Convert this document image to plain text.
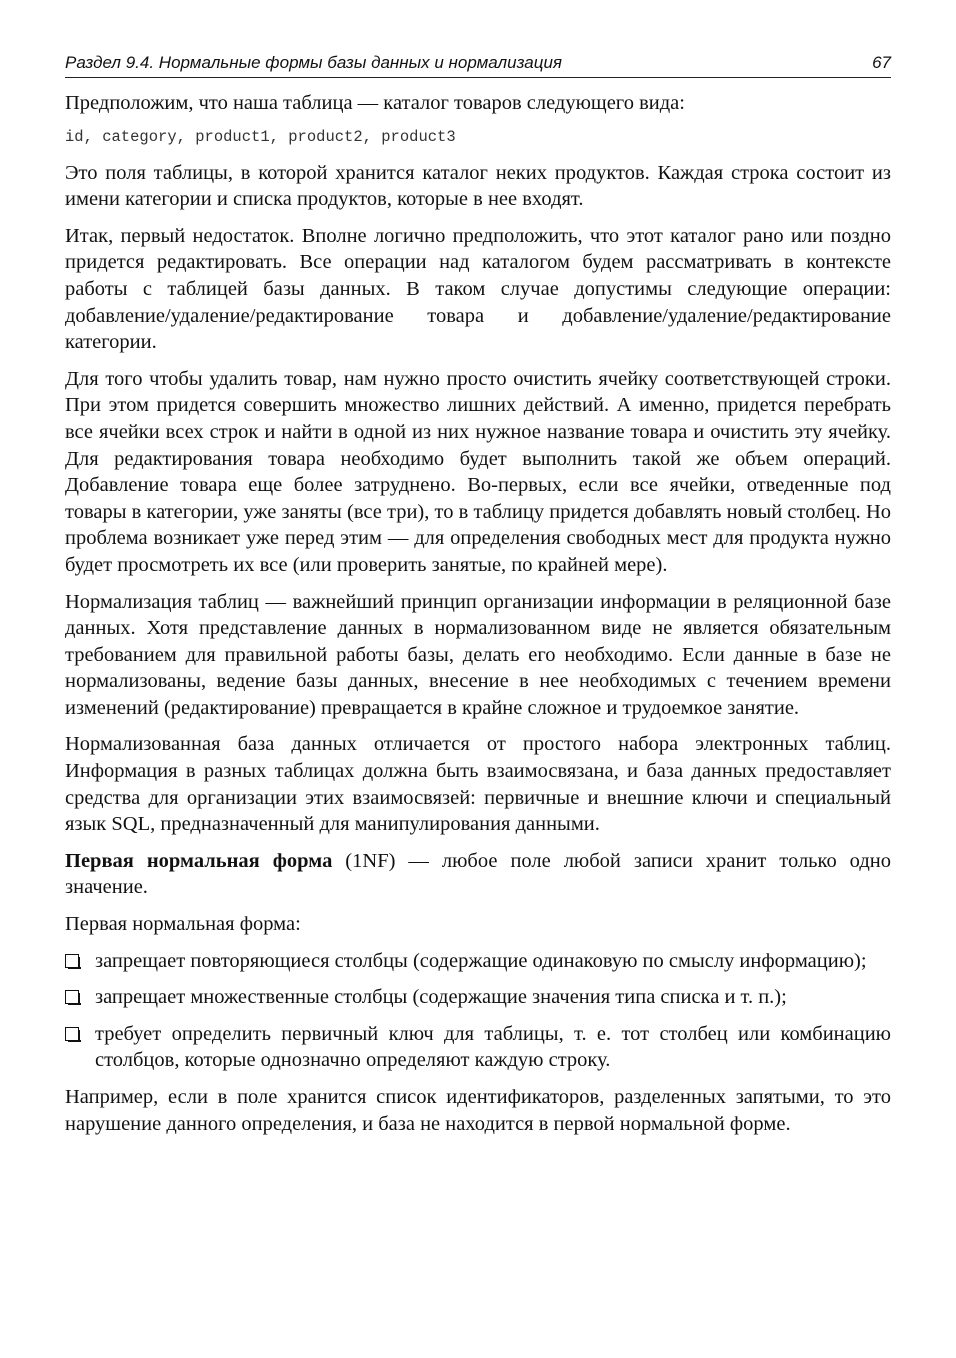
Раздел 9.4. Нормальные формы базы данных и нормализация	67

Предположим, что наша таблица — каталог товаров следующего вида:

id, category, product1, product2, product3

Это поля таблицы, в которой хранится каталог неких продуктов. Каждая строка состоит из имени категории и списка продуктов, которые в нее входят.

Итак, первый недостаток. Вполне логично предположить, что этот каталог рано или поздно придется редактировать. Все операции над каталогом будем рассматривать в контексте работы с таблицей базы данных. В таком случае допустимы следующие операции: добавление/удаление/редактирование товара и добавление/удаление/редактирование категории.

Для того чтобы удалить товар, нам нужно просто очистить ячейку соответствующей строки. При этом придется совершить множество лишних действий. А именно, придется перебрать все ячейки всех строк и найти в одной из них нужное название товара и очистить эту ячейку. Для редактирования товара необходимо будет выполнить такой же объем операций. Добавление товара еще более затруднено. Во-первых, если все ячейки, отведенные под товары в категории, уже заняты (все три), то в таблицу придется добавлять новый столбец. Но проблема возникает уже перед этим — для определения свободных мест для продукта нужно будет просмотреть их все (или проверить занятые, по крайней мере).

Нормализация таблиц — важнейший принцип организации информации в реляционной базе данных. Хотя представление данных в нормализованном виде не является обязательным требованием для правильной работы базы, делать его необходимо. Если данные в базе не нормализованы, ведение базы данных, внесение в нее необходимых с течением времени изменений (редактирование) превращается в крайне сложное и трудоемкое занятие.

Нормализованная база данных отличается от простого набора электронных таблиц. Информация в разных таблицах должна быть взаимосвязана, и база данных предоставляет средства для организации этих взаимосвязей: первичные и внешние ключи и специальный язык SQL, предназначенный для манипулирования данными.

Первая нормальная форма (1NF) — любое поле любой записи хранит только одно значение.

Первая нормальная форма:

запрещает повторяющиеся столбцы (содержащие одинаковую по смыслу информацию);
запрещает множественные столбцы (содержащие значения типа списка и т. п.);
требует определить первичный ключ для таблицы, т. е. тот столбец или комбинацию столбцов, которые однозначно определяют каждую строку.

Например, если в поле хранится список идентификаторов, разделенных запятыми, то это нарушение данного определения, и база не находится в первой нормальной форме.
